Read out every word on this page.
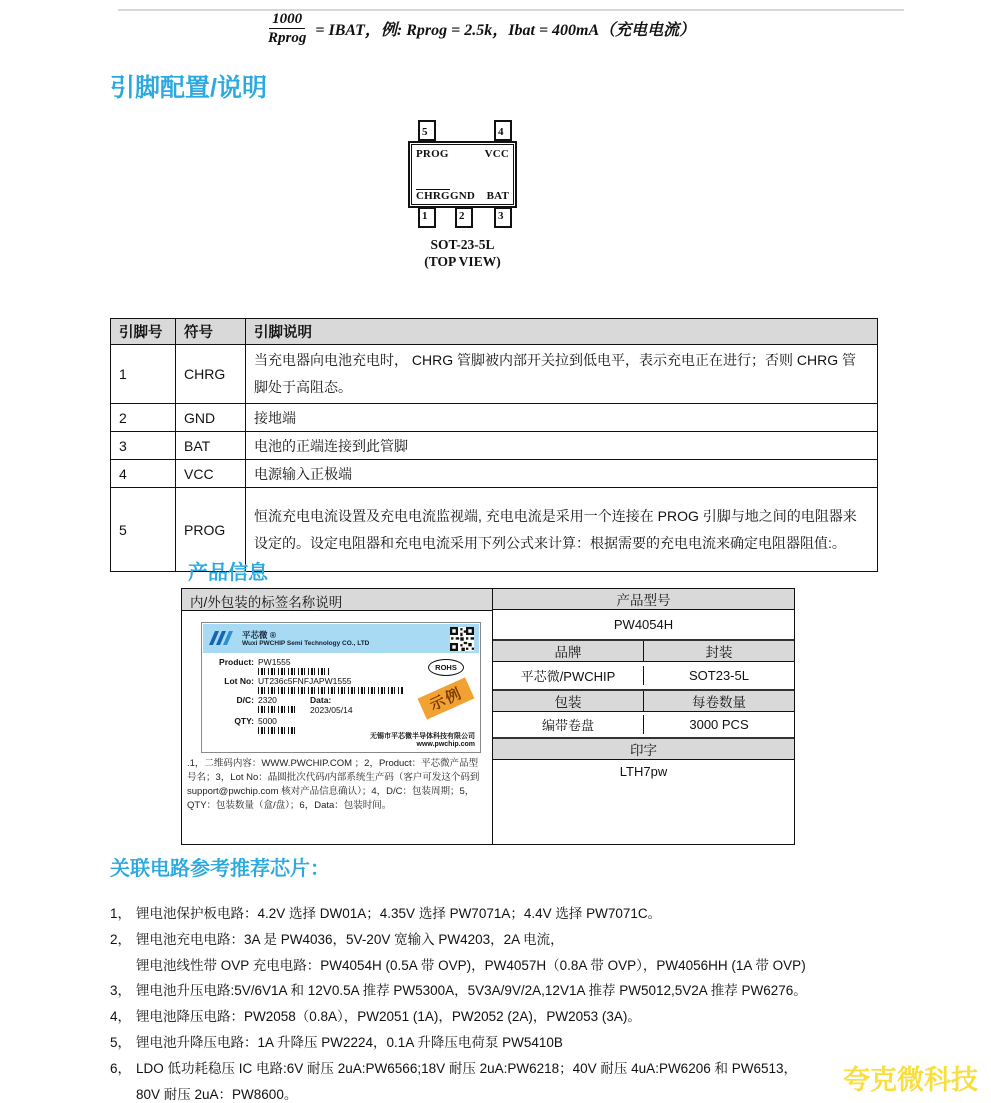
$\frac{1000}{\text{Rprog}}$ = IBAT，例: Rprog = 2.5k，Ibat = 400mA（充电电流）
引脚配置/说明
5	4
PROG	VCC
CHRG GND BAT
1	2	3
SOT-23-5L
(TOP VIEW)
引脚号	符号	引脚说明
1	CHRG	当充电器向电池充电时， CHRG 管脚被内部开关拉到低电平，表示充电正在进行；否则 CHRG 管脚处于高阻态。
2	GND	接地端
3	BAT	电池的正端连接到此管脚
4	VCC	电源输入正极端
5	PROG	恒流充电电流设置及充电电流监视端, 充电电流是采用一个连接在 PROG 引脚与地之间的电阻器来设定的。设定电阻器和充电电流采用下列公式来计算：根据需要的充电电流来确定电阻器阻值:。
产品信息
内/外包装的标签名称说明
平芯微 ®
Wuxi PWCHIP Semi Technology CO., LTD
Product: PW1555
Lot No: UT236c5FNFJAPW1555
D/C: 2320	Data:
2023/05/14
QTY: 5000
ROHS
示例
无锡市平芯微半导体科技有限公司
www.pwchip.com
.1，二维码内容：WWW.PWCHIP.COM ；2，Product：平芯微产品型号名；3，Lot No：晶圆批次代码/内部系统生产码（客户可发这个码到 support@pwchip.com 核对产品信息确认）；4，D/C：包装周期；5，QTY：包装数量（盒/盘）；6，Data：包装时间。
产品型号
PW4054H
品牌	封装
平芯微/PWCHIP	SOT23-5L
包装	每卷数量
编带卷盘	3000 PCS
印字
LTH7pw
关联电路参考推荐芯片：
1， 锂电池保护板电路：4.2V 选择 DW01A；4.35V 选择 PW7071A；4.4V 选择 PW7071C。
2， 锂电池充电电路：3A 是 PW4036，5V-20V 宽输入 PW4203，2A 电流，
锂电池线性带 OVP 充电电路：PW4054H (0.5A 带 OVP)，PW4057H（0.8A 带 OVP），PW4056HH (1A 带 OVP)
3， 锂电池升压电路:5V/6V1A 和 12V0.5A 推荐 PW5300A，5V3A/9V/2A,12V1A 推荐 PW5012,5V2A 推荐 PW6276。
4， 锂电池降压电路：PW2058（0.8A），PW2051 (1A)，PW2052 (2A)，PW2053 (3A)。
5， 锂电池升降压电路：1A 升降压 PW2224，0.1A 升降压电荷泵 PW5410B
6， LDO 低功耗稳压 IC 电路:6V 耐压 2uA:PW6566;18V 耐压 2uA:PW6218；40V 耐压 4uA:PW6206 和 PW6513，
80V 耐压 2uA：PW8600。	夸克微科技
